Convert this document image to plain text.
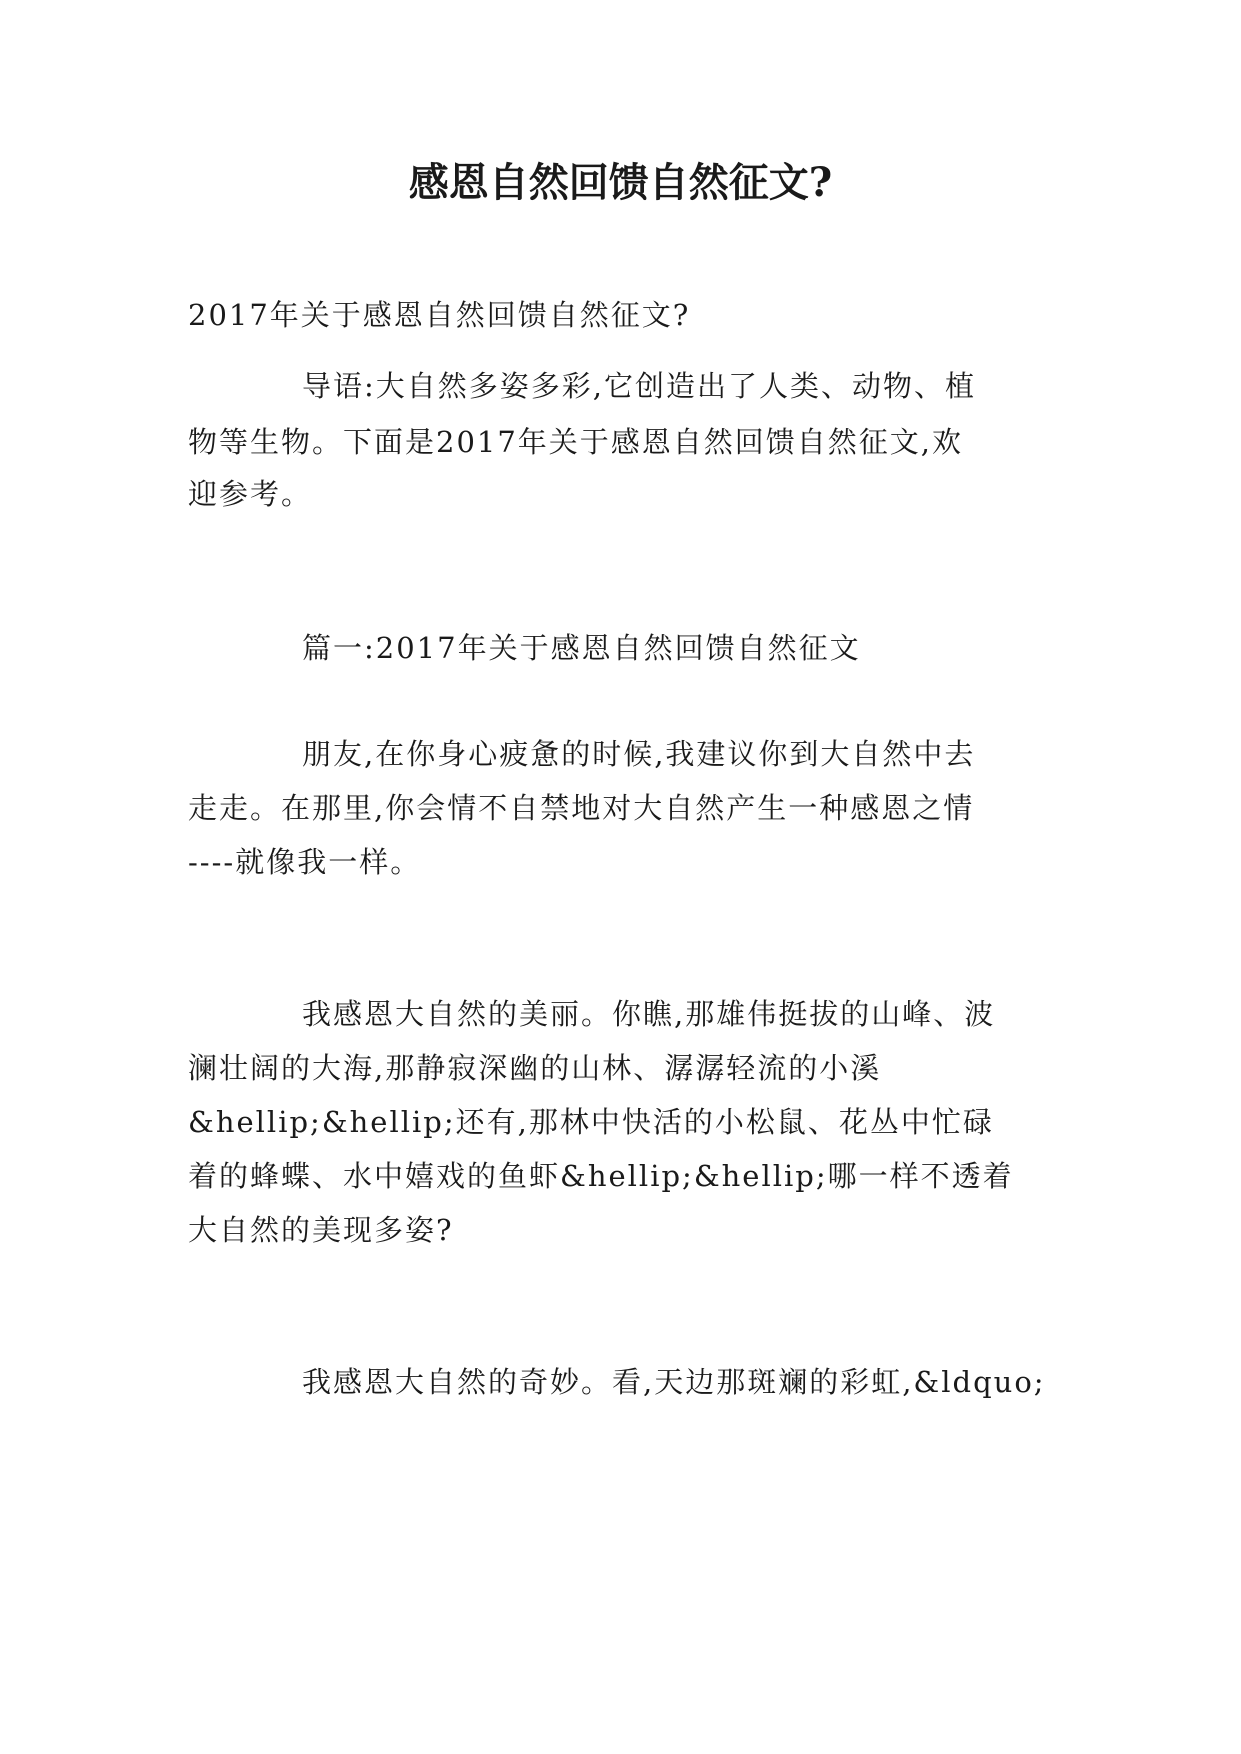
感恩自然回馈自然征文?

2017年关于感恩自然回馈自然征文?

导语:大自然多姿多彩,它创造出了人类、动物、植

物等生物。下面是2017年关于感恩自然回馈自然征文,欢

迎参考。

篇一:2017年关于感恩自然回馈自然征文

朋友,在你身心疲惫的时候,我建议你到大自然中去

走走。在那里,你会情不自禁地对大自然产生一种感恩之情

----就像我一样。

我感恩大自然的美丽。你瞧,那雄伟挺拔的山峰、波

澜壮阔的大海,那静寂深幽的山林、潺潺轻流的小溪

&hellip;&hellip;还有,那林中快活的小松鼠、花丛中忙碌

着的蜂蝶、水中嬉戏的鱼虾&hellip;&hellip;哪一样不透着

大自然的美现多姿?

我感恩大自然的奇妙。看,天边那斑斓的彩虹,&ldquo;
